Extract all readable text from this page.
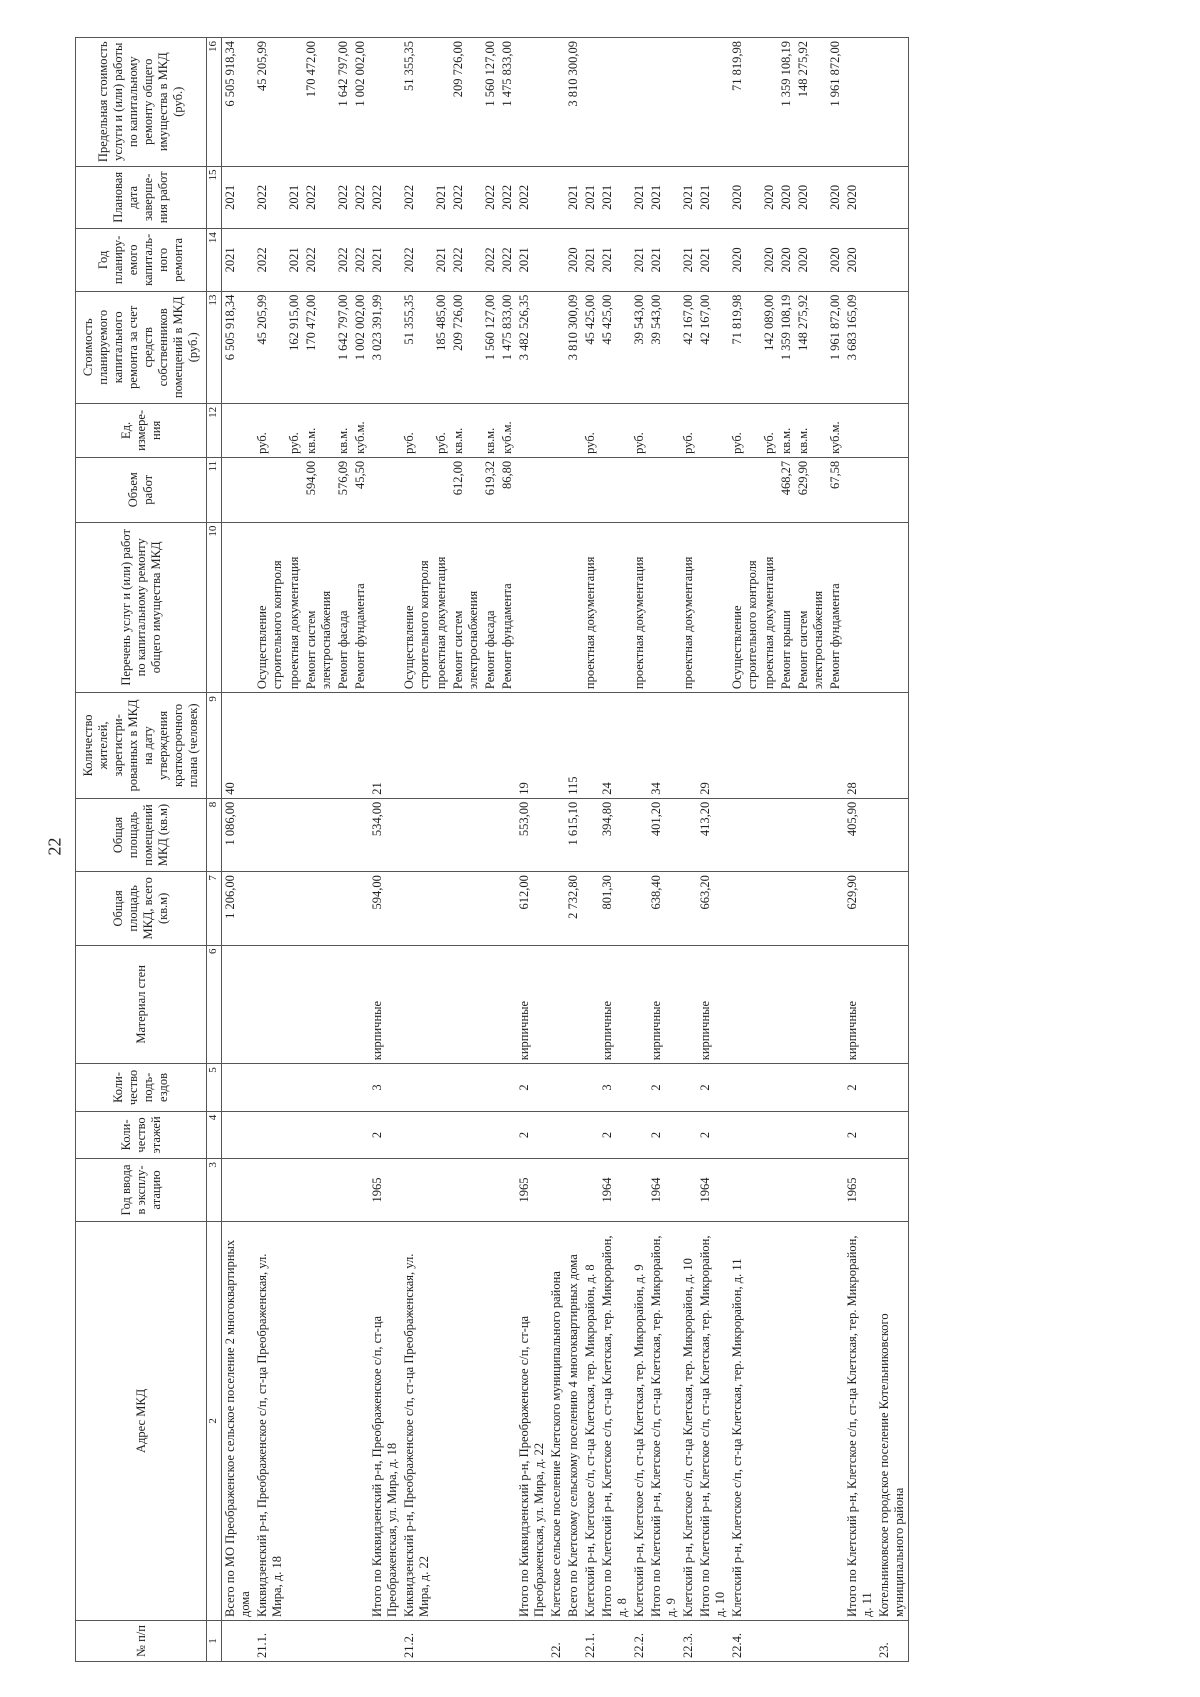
22
№ п/п	Адрес МКД	Год ввода в эксплу-атацию	Коли-чество этажей	Коли-чество подъ-ездов	Материал стен	Общая площадь МКД, всего (кв.м)	Общая площадь помещений МКД (кв.м)	Количество жителей, зарегистри-рованных в МКД на дату утверждения краткосрочного плана (человек)	Перечень услуг и (или) работ по капитальному ремонту общего имущества МКД	Объем работ	Ед. измере-ния	Стоимость планируемого капитального ремонта за счет средств собственников помещений в МКД (руб.)	Год планиру-емого капиталь-ного ремонта	Плановая дата заверше-ния работ	Предельная стоимость услуги и (или) работы по капитальному ремонту общего имущества в МКД (руб.)
1	2	3	4	5	6	7	8	9	10	11	12	13	14	15	16
	Всего по МО Преображенское сельское поселение 2 многоквартирных дома					1 206,00	1 086,00	40				6 505 918,34	2021	2021	6 505 918,34
21.1.	Киквидзенский р-н, Преображенское с/п, ст-ца Преображенская, ул. Мира, д. 18								Осуществление строительного контроля		руб.	45 205,99	2022	2022	45 205,99
									проектная документация		руб.	162 915,00	2021	2021	
									Ремонт систем электроснабжения	594,00	кв.м.	170 472,00	2022	2022	170 472,00
									Ремонт фасада	576,09	кв.м.	1 642 797,00	2022	2022	1 642 797,00
									Ремонт фундамента	45,50	куб.м.	1 002 002,00	2022	2022	1 002 002,00
	Итого по Киквидзенский р-н, Преображенское с/п, ст-ца Преображенская, ул. Мира, д. 18	1965	2	3	кирпичные	594,00	534,00	21				3 023 391,99	2021	2022	
21.2.	Киквидзенский р-н, Преображенское с/п, ст-ца Преображенская, ул. Мира, д. 22								Осуществление строительного контроля		руб.	51 355,35	2022	2022	51 355,35
									проектная документация		руб.	185 485,00	2021	2021	
									Ремонт систем электроснабжения	612,00	кв.м.	209 726,00	2022	2022	209 726,00
									Ремонт фасада	619,32	кв.м.	1 560 127,00	2022	2022	1 560 127,00
									Ремонт фундамента	86,80	куб.м.	1 475 833,00	2022	2022	1 475 833,00
	Итого по Киквидзенский р-н, Преображенское с/п, ст-ца Преображенская, ул. Мира, д. 22	1965	2	2	кирпичные	612,00	553,00	19				3 482 526,35	2021	2022	
22.	Клетское сельское поселение Клетского муниципального района														
	Всего по Клетскому сельскому поселению 4 многоквартирных дома					2 732,80	1 615,10	115				3 810 300,09	2020	2021	3 810 300,09
22.1.	Клетский р-н, Клетское с/п, ст-ца Клетская, тер. Микрорайон, д. 8								проектная документация		руб.	45 425,00	2021	2021	
	Итого по Клетский р-н, Клетское с/п, ст-ца Клетская, тер. Микрорайон, д. 8	1964	2	3	кирпичные	801,30	394,80	24				45 425,00	2021	2021	
22.2.	Клетский р-н, Клетское с/п, ст-ца Клетская, тер. Микрорайон, д. 9								проектная документация		руб.	39 543,00	2021	2021	
	Итого по Клетский р-н, Клетское с/п, ст-ца Клетская, тер. Микрорайон, д. 9	1964	2	2	кирпичные	638,40	401,20	34				39 543,00	2021	2021	
22.3.	Клетский р-н, Клетское с/п, ст-ца Клетская, тер. Микрорайон, д. 10								проектная документация		руб.	42 167,00	2021	2021	
	Итого по Клетский р-н, Клетское с/п, ст-ца Клетская, тер. Микрорайон, д. 10	1964	2	2	кирпичные	663,20	413,20	29				42 167,00	2021	2021	
22.4.	Клетский р-н, Клетское с/п, ст-ца Клетская, тер. Микрорайон, д. 11								Осуществление строительного контроля		руб.	71 819,98	2020	2020	71 819,98
									проектная документация		руб.	142 089,00	2020	2020	
									Ремонт крыши	468,27	кв.м.	1 359 108,19	2020	2020	1 359 108,19
									Ремонт систем электроснабжения	629,90	кв.м.	148 275,92	2020	2020	148 275,92
									Ремонт фундамента	67,58	куб.м.	1 961 872,00	2020	2020	1 961 872,00
	Итого по Клетский р-н, Клетское с/п, ст-ца Клетская, тер. Микрорайон, д. 11	1965	2	2	кирпичные	629,90	405,90	28				3 683 165,09	2020	2020	
23.	Котельниковское городское поселение Котельниковского муниципального района														
